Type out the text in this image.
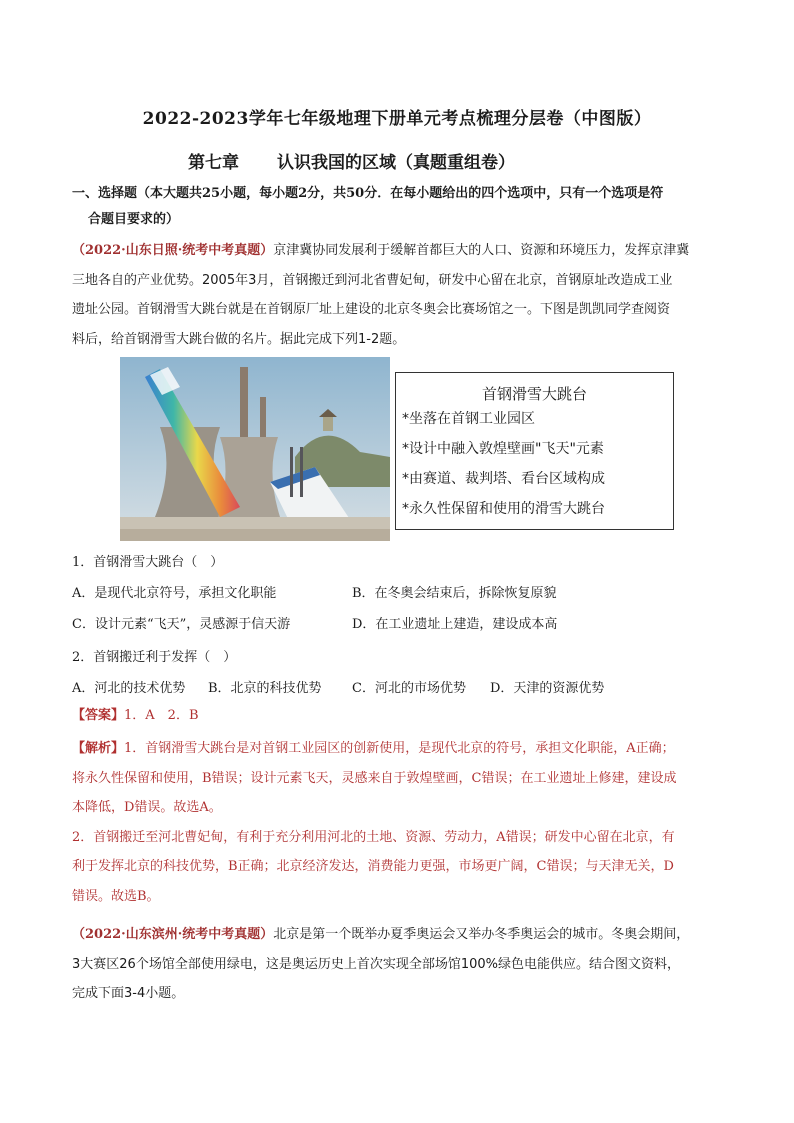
2022-2023学年七年级地理下册单元考点梳理分层卷（中图版）
第七章 认识我国的区域（真题重组卷）
一、选择题（本大题共25小题，每小题2分，共50分．在每小题给出的四个选项中，只有一个选项是符
合题目要求的）
（2022·山东日照·统考中考真题）京津冀协同发展利于缓解首都巨大的人口、资源和环境压力，发挥京津冀
三地各自的产业优势。2005年3月，首钢搬迁到河北省曹妃甸，研发中心留在北京，首钢原址改造成工业
遗址公园。首钢滑雪大跳台就是在首钢原厂址上建设的北京冬奥会比赛场馆之一。下图是凯凯同学查阅资
料后，给首钢滑雪大跳台做的名片。据此完成下列1-2题。
首钢滑雪大跳台
*坐落在首钢工业园区
*设计中融入敦煌壁画"飞天"元素
*由赛道、裁判塔、看台区域构成
*永久性保留和使用的滑雪大跳台
1．首钢滑雪大跳台（　）
A．是现代北京符号，承担文化职能	B．在冬奥会结束后，拆除恢复原貌
C．设计元素“飞天”，灵感源于信天游	D．在工业遗址上建造，建设成本高
2．首钢搬迁利于发挥（　）
A．河北的技术优势 B．北京的科技优势 C．河北的市场优势 D．天津的资源优势
【答案】1．A　2．B
【解析】1．首钢滑雪大跳台是对首钢工业园区的创新使用，是现代北京的符号，承担文化职能，A正确；
将永久性保留和使用，B错误；设计元素飞天，灵感来自于敦煌壁画，C错误；在工业遗址上修建，建设成
本降低，D错误。故选A。
2．首钢搬迁至河北曹妃甸，有利于充分利用河北的土地、资源、劳动力，A错误；研发中心留在北京，有
利于发挥北京的科技优势，B正确；北京经济发达，消费能力更强，市场更广阔，C错误；与天津无关，D
错误。故选B。
（2022·山东滨州·统考中考真题）北京是第一个既举办夏季奥运会又举办冬季奥运会的城市。冬奥会期间，
3大赛区26个场馆全部使用绿电，这是奥运历史上首次实现全部场馆100%绿色电能供应。结合图文资料，
完成下面3-4小题。
